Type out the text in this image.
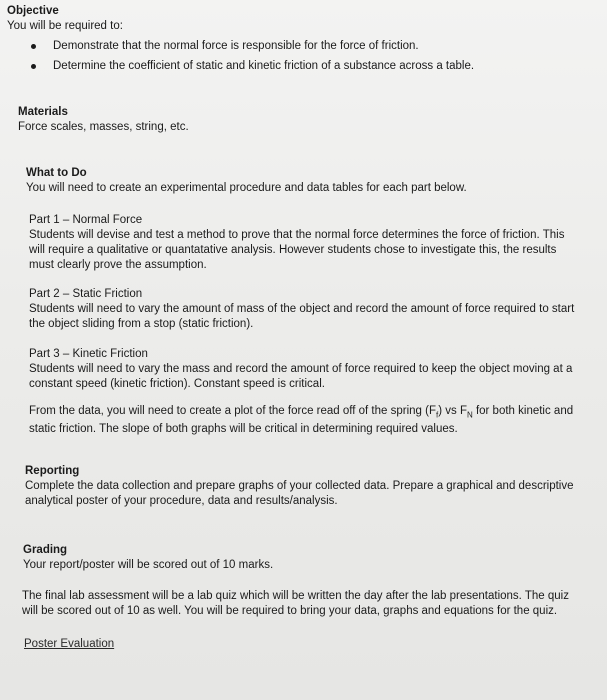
Objective
You will be required to:
Demonstrate that the normal force is responsible for the force of friction.
Determine the coefficient of static and kinetic friction of a substance across a table.
Materials
Force scales, masses, string, etc.
What to Do
You will need to create an experimental procedure and data tables for each part below.
Part 1 – Normal Force
Students will devise and test a method to prove that the normal force determines the force of friction. This
will require a qualitative or quantatative analysis. However students chose to investigate this, the results
must clearly prove the assumption.
Part 2 – Static Friction
Students will need to vary the amount of mass of the object and record the amount of force required to start
the object sliding from a stop (static friction).
Part 3 – Kinetic Friction
Students will need to vary the mass and record the amount of force required to keep the object moving at a
constant speed (kinetic friction). Constant speed is critical.
From the data, you will need to create a plot of the force read off of the spring $(F_f)$ vs $F_N$ for both kinetic and
static friction. The slope of both graphs will be critical in determining required values.
Reporting
Complete the data collection and prepare graphs of your collected data. Prepare a graphical and descriptive
analytical poster of your procedure, data and results/analysis.
Grading
Your report/poster will be scored out of 10 marks.
The final lab assessment will be a lab quiz which will be written the day after the lab presentations. The quiz
will be scored out of 10 as well. You will be required to bring your data, graphs and equations for the quiz.
Poster Evaluation
